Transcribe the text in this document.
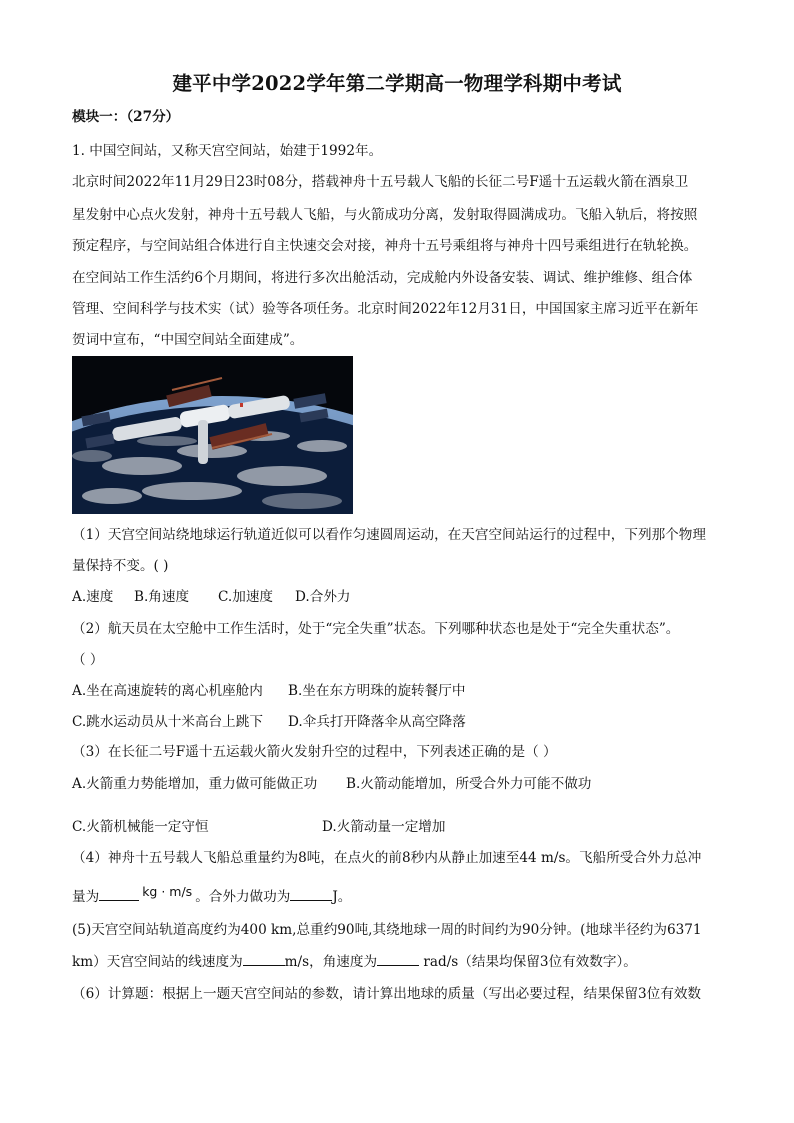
建平中学2022学年第二学期高一物理学科期中考试
模块一：（27分）
1. 中国空间站，又称天宫空间站，始建于1992年。
北京时间2022年11月29日23时08分，搭载神舟十五号载人飞船的长征二号F遥十五运载火箭在酒泉卫
星发射中心点火发射，神舟十五号载人飞船，与火箭成功分离，发射取得圆满成功。飞船入轨后，将按照
预定程序，与空间站组合体进行自主快速交会对接，神舟十五号乘组将与神舟十四号乘组进行在轨轮换。
在空间站工作生活约6个月期间，将进行多次出舱活动，完成舱内外设备安装、调试、维护维修、组合体
管理、空间科学与技术实（试）验等各项任务。北京时间2022年12月31日，中国国家主席习近平在新年
贺词中宣布，“中国空间站全面建成”。
（1）天宫空间站绕地球运行轨道近似可以看作匀速圆周运动，在天宫空间站运行的过程中，下列那个物理
量保持不变。( )
A.速度 B.角速度 C.加速度 D.合外力
（2）航天员在太空舱中工作生活时，处于“完全失重”状态。下列哪种状态也是处于“完全失重状态”。
（ ）
A.坐在高速旋转的离心机座舱内 B.坐在东方明珠的旋转餐厅中
C.跳水运动员从十米高台上跳下 D.伞兵打开降落伞从高空降落
（3）在长征二号F遥十五运载火箭火发射升空的过程中，下列表述正确的是（ ）
A.火箭重力势能增加，重力做可能做正功 B.火箭动能增加，所受合外力可能不做功
C.火箭机械能一定守恒	D.火箭动量一定增加
（4）神舟十五号载人飞船总重量约为8吨，在点火的前8秒内从静止加速至44 m/s。飞船所受合外力总冲
量为	kg · m/s 。合外力做功为	J。
(5)天宫空间站轨道高度约为400 km,总重约90吨,其绕地球一周的时间约为90分钟。(地球半径约为6371
km）天宫空间站的线速度为	m/s，角速度为	rad/s（结果均保留3位有效数字）。
（6）计算题：根据上一题天宫空间站的参数，请计算出地球的质量（写出必要过程，结果保留3位有效数
